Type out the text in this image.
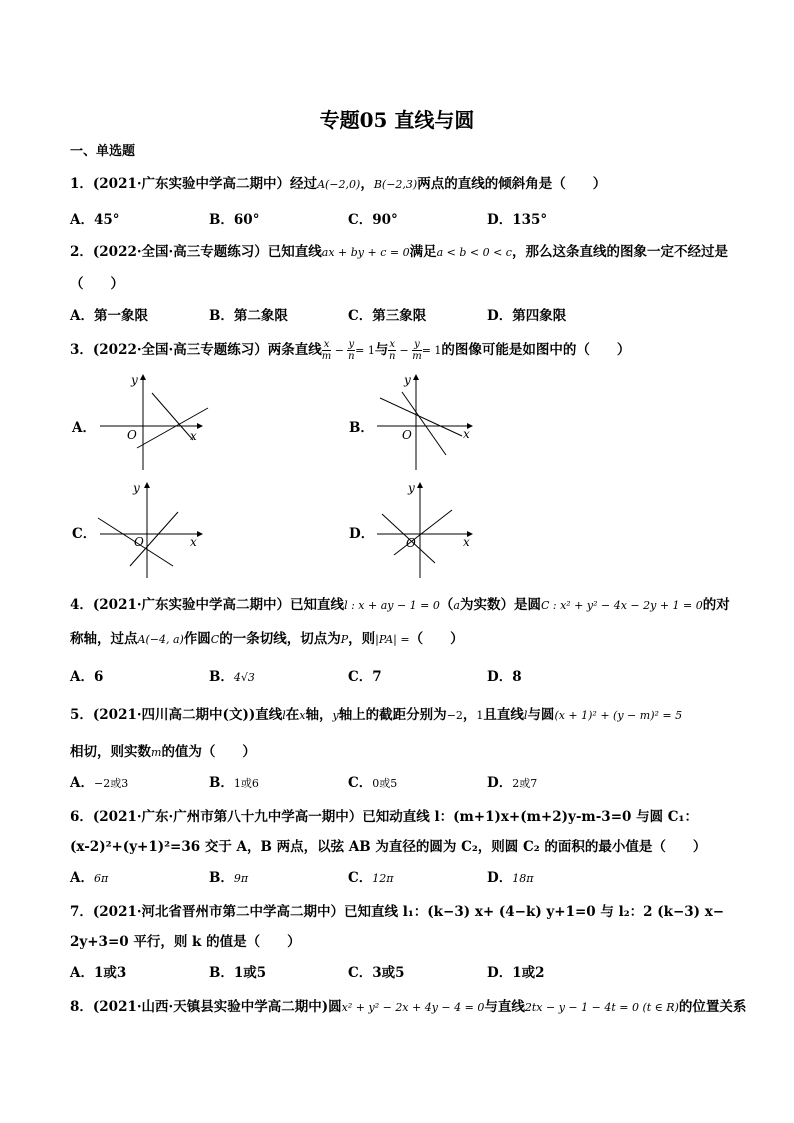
专题05 直线与圆
一、单选题
1．(2021·广东实验中学高二期中）经过A(−2,0)，B(−2,3)两点的直线的倾斜角是（　　）
A．45°	B．60°	C．90°	D．135°
2．(2022·全国·高三专题练习）已知直线ax + by + c = 0满足a < b < 0 < c，那么这条直线的图象一定不经过是
（　　）
A．第一象限	B．第二象限	C．第三象限	D．第四象限
3．(2022·全国·高三专题练习）两条直线 $\frac{x}{m} - \frac{y}{n} = 1$与 $\frac{x}{n} - \frac{y}{m} = 1$的图像可能是如图中的（　　）
A．	B．
C．	D．
y
x
O
y
x
O
y
x
O
y
x
O
4．(2021·广东实验中学高二期中）已知直线l : x + ay − 1 = 0（a为实数）是圆C : x² + y² − 4x − 2y + 1 = 0的对
称轴，过点A(−4, a)作圆C的一条切线，切点为P，则|PA| =（　　）
A．6	B．4√3	C．7	D．8
5．(2021·四川高二期中(文))直线l在x轴，y轴上的截距分别为−2，1且直线l与圆(x + 1)² + (y − m)² = 5
相切，则实数m的值为（　　）
A．−2或3	B．1或6	C．0或5	D．2或7
6．(2021·广东·广州市第八十九中学高一期中）已知动直线 l：(m+1)x+(m+2)y-m-3=0 与圆 C₁：
(x-2)²+(y+1)²=36 交于 A，B 两点，以弦 AB 为直径的圆为 C₂，则圆 C₂ 的面积的最小值是（　　）
A．6π	B．9π	C．12π	D．18π
7．(2021·河北省晋州市第二中学高二期中）已知直线 l₁：(k−3) x+ (4−k) y+1=0 与 l₂：2 (k−3) x−
2y+3=0 平行，则 k 的值是（　　）
A．1或3	B．1或5	C．3或5	D．1或2
8．(2021·山西·天镇县实验中学高二期中)圆x² + y² − 2x + 4y − 4 = 0与直线2tx − y − 1 − 4t = 0 (t ∈ R)的位置关系
